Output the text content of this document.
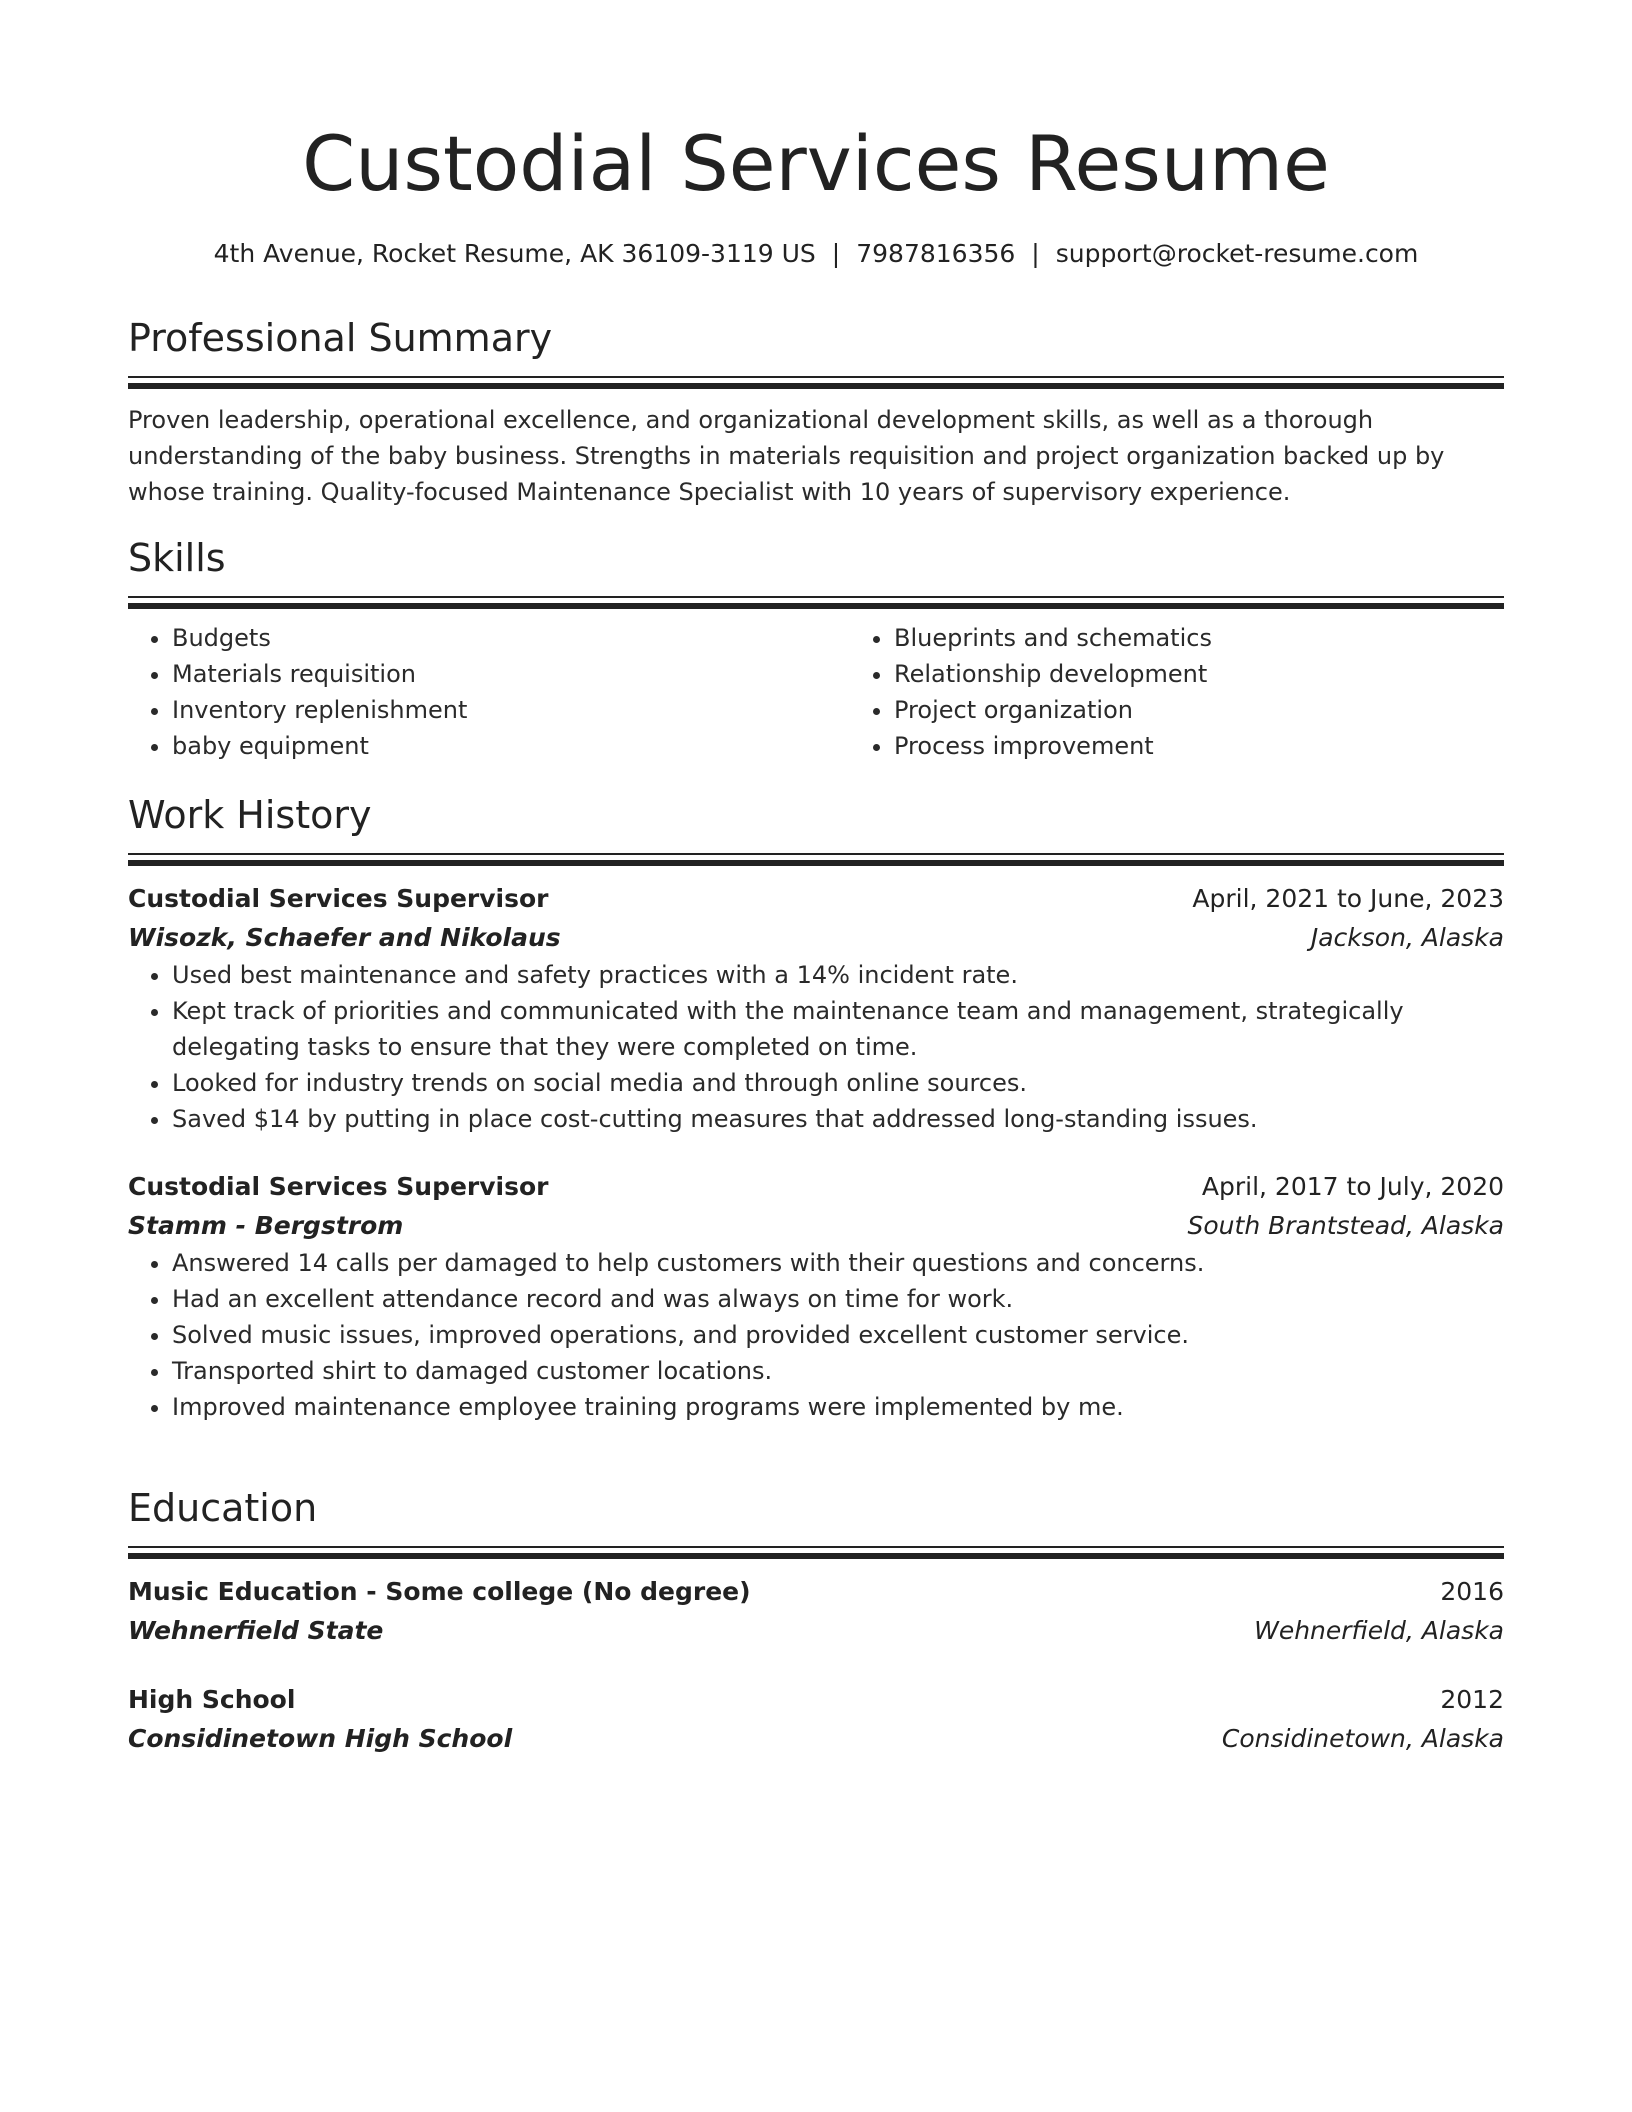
Custodial Services Resume
4th Avenue, Rocket Resume, AK 36109-3119 US | 7987816356 | support@rocket-resume.com
Professional Summary

Proven leadership, operational excellence, and organizational development skills, as well as a thorough understanding of the baby business. Strengths in materials requisition and project organization backed up by whose training. Quality-focused Maintenance Specialist with 10 years of supervisory experience.

Skills
• Budgets
• Materials requisition
• Inventory replenishment
• baby equipment
• Blueprints and schematics
• Relationship development
• Project organization
• Process improvement
Work History
Custodial Services Supervisor	April, 2021 to June, 2023
Wisozk, Schaefer and Nikolaus	Jackson, Alaska
• Used best maintenance and safety practices with a 14% incident rate.
• Kept track of priorities and communicated with the maintenance team and management, strategically delegating tasks to ensure that they were completed on time.
• Looked for industry trends on social media and through online sources.
• Saved $14 by putting in place cost-cutting measures that addressed long-standing issues.
Custodial Services Supervisor	April, 2017 to July, 2020
Stamm - Bergstrom	South Brantstead, Alaska
• Answered 14 calls per damaged to help customers with their questions and concerns.
• Had an excellent attendance record and was always on time for work.
• Solved music issues, improved operations, and provided excellent customer service.
• Transported shirt to damaged customer locations.
• Improved maintenance employee training programs were implemented by me.
Education
Music Education - Some college (No degree)	2016
Wehnerfield State	Wehnerfield, Alaska
High School	2012
Considinetown High School	Considinetown, Alaska
